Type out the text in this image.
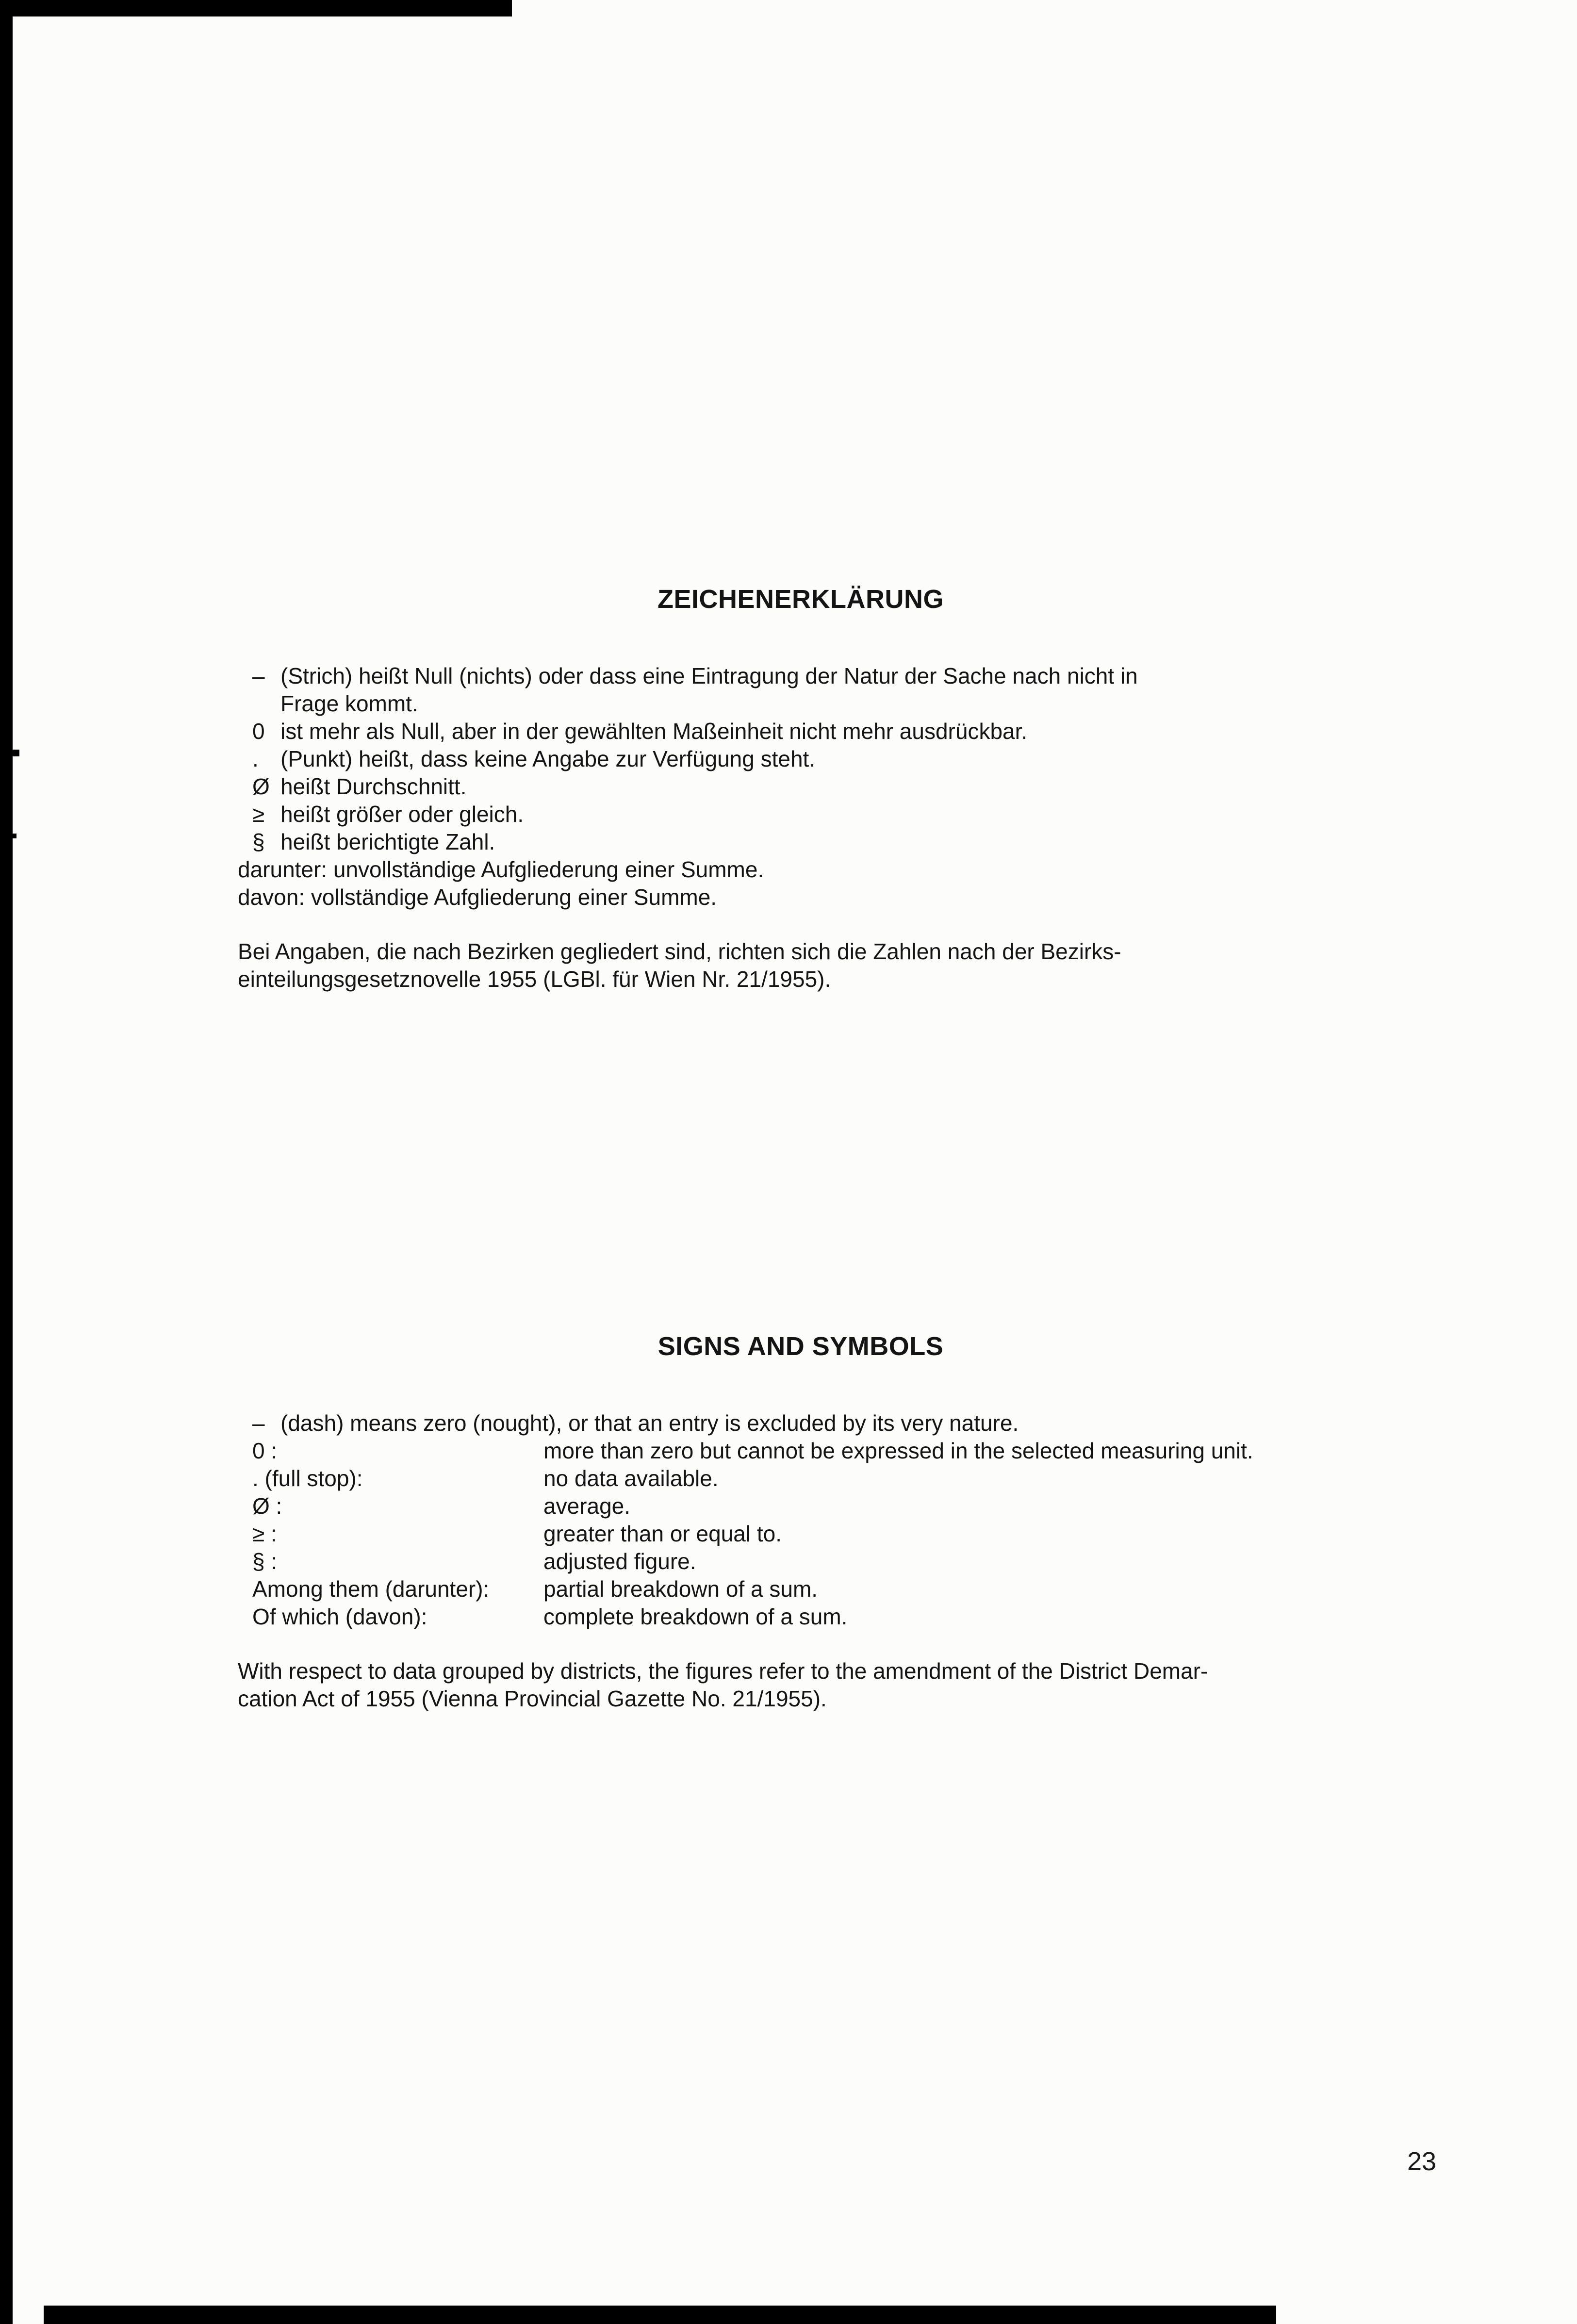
ZEICHENERKLÄRUNG
– (Strich) heißt Null (nichts) oder dass eine Eintragung der Natur der Sache nach nicht in
Frage kommt.
0 ist mehr als Null, aber in der gewählten Maßeinheit nicht mehr ausdrückbar.
. (Punkt) heißt, dass keine Angabe zur Verfügung steht.
Ø heißt Durchschnitt.
≥ heißt größer oder gleich.
§ heißt berichtigte Zahl.
darunter: unvollständige Aufgliederung einer Summe.
davon: vollständige Aufgliederung einer Summe.
Bei Angaben, die nach Bezirken gegliedert sind, richten sich die Zahlen nach der Bezirks-
einteilungsgesetznovelle 1955 (LGBl. für Wien Nr. 21/1955).
SIGNS AND SYMBOLS
– (dash) means zero (nought), or that an entry is excluded by its very nature.
0 :	more than zero but cannot be expressed in the selected measuring unit.
. (full stop):	no data available.
Ø :	average.
≥ :	greater than or equal to.
§ :	adjusted figure.
Among them (darunter):	partial breakdown of a sum.
Of which (davon):	complete breakdown of a sum.
With respect to data grouped by districts, the figures refer to the amendment of the District Demar-
cation Act of 1955 (Vienna Provincial Gazette No. 21/1955).
23
